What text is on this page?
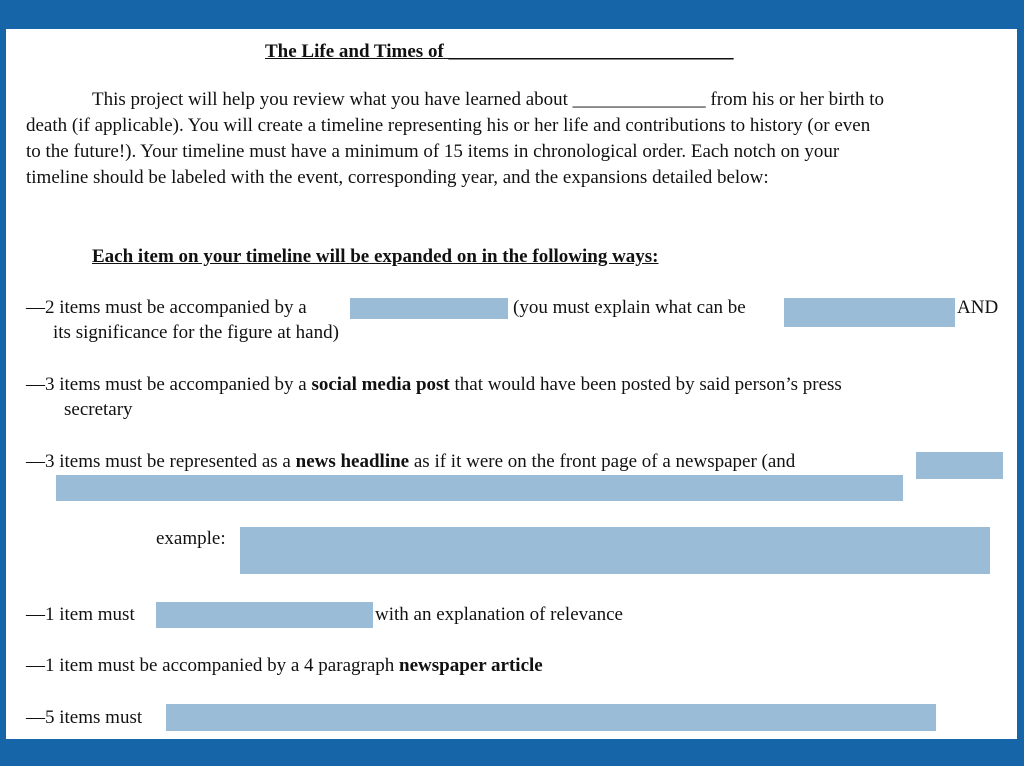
The Life and Times of ______________________________
This project will help you review what you have learned about ______________ from his or her birth to
death (if applicable). You will create a timeline representing his or her life and contributions to history (or even
to the future!). Your timeline must have a minimum of 15 items in chronological order. Each notch on your
timeline should be labeled with the event, corresponding year, and the expansions detailed below:
Each item on your timeline will be expanded on in the following ways:
—2 items must be accompanied by a	(you must explain what can be	AND
its significance for the figure at hand)
—3 items must be accompanied by a social media post that would have been posted by said person’s press
secretary
—3 items must be represented as a news headline as if it were on the front page of a newspaper (and
example:
—1 item must	with an explanation of relevance
—1 item must be accompanied by a 4 paragraph newspaper article
—5 items must
